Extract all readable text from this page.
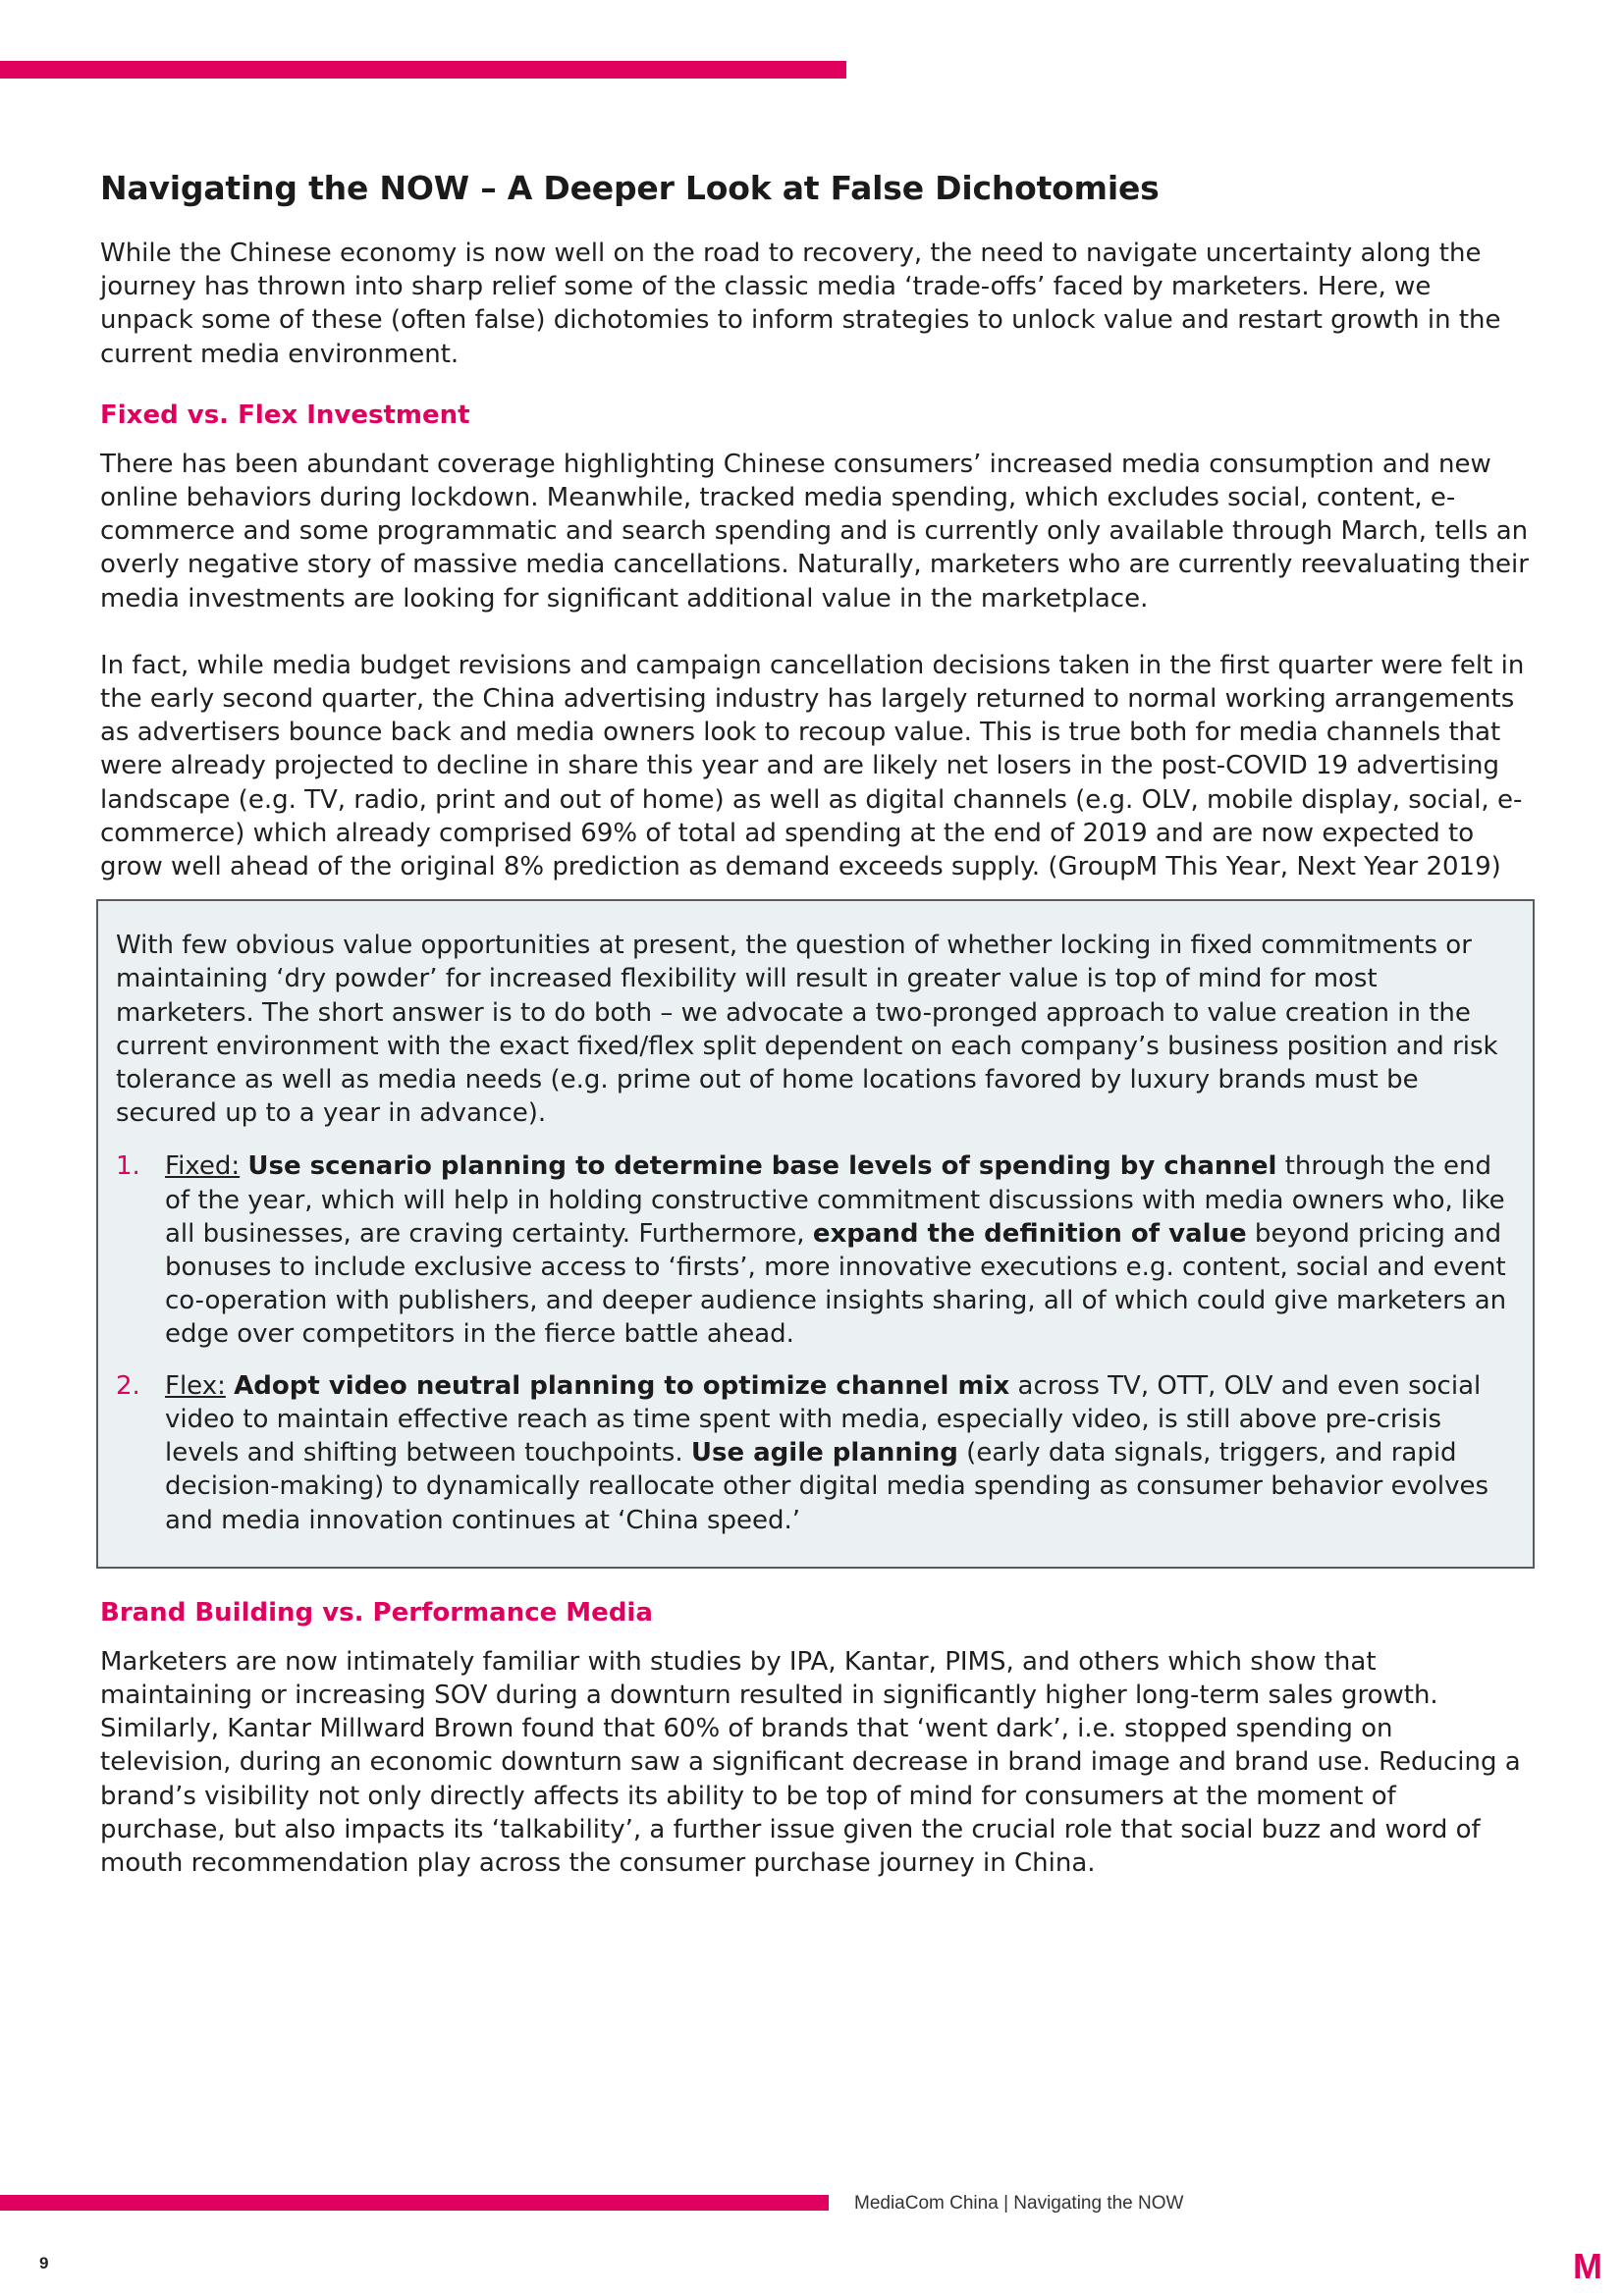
Navigating the NOW – A Deeper Look at False Dichotomies

While the Chinese economy is now well on the road to recovery, the need to navigate uncertainty along the journey has thrown into sharp relief some of the classic media ‘trade-offs’ faced by marketers. Here, we unpack some of these (often false) dichotomies to inform strategies to unlock value and restart growth in the current media environment.

Fixed vs. Flex Investment

There has been abundant coverage highlighting Chinese consumers’ increased media consumption and new online behaviors during lockdown. Meanwhile, tracked media spending, which excludes social, content, e-commerce and some programmatic and search spending and is currently only available through March, tells an overly negative story of massive media cancellations. Naturally, marketers who are currently reevaluating their media investments are looking for significant additional value in the marketplace.

In fact, while media budget revisions and campaign cancellation decisions taken in the first quarter were felt in the early second quarter, the China advertising industry has largely returned to normal working arrangements as advertisers bounce back and media owners look to recoup value. This is true both for media channels that were already projected to decline in share this year and are likely net losers in the post-COVID 19 advertising landscape (e.g. TV, radio, print and out of home) as well as digital channels (e.g. OLV, mobile display, social, e-commerce) which already comprised 69% of total ad spending at the end of 2019 and are now expected to grow well ahead of the original 8% prediction as demand exceeds supply. (GroupM This Year, Next Year 2019)

With few obvious value opportunities at present, the question of whether locking in fixed commitments or maintaining ‘dry powder’ for increased flexibility will result in greater value is top of mind for most marketers. The short answer is to do both – we advocate a two-pronged approach to value creation in the current environment with the exact fixed/flex split dependent on each company’s business position and risk tolerance as well as media needs (e.g. prime out of home locations favored by luxury brands must be secured up to a year in advance).

1. Fixed: Use scenario planning to determine base levels of spending by channel through the end of the year, which will help in holding constructive commitment discussions with media owners who, like all businesses, are craving certainty. Furthermore, expand the definition of value beyond pricing and bonuses to include exclusive access to ‘firsts’, more innovative executions e.g. content, social and event co-operation with publishers, and deeper audience insights sharing, all of which could give marketers an edge over competitors in the fierce battle ahead.
2. Flex: Adopt video neutral planning to optimize channel mix across TV, OTT, OLV and even social video to maintain effective reach as time spent with media, especially video, is still above pre-crisis levels and shifting between touchpoints. Use agile planning (early data signals, triggers, and rapid decision-making) to dynamically reallocate other digital media spending as consumer behavior evolves and media innovation continues at ‘China speed.’
Brand Building vs. Performance Media

Marketers are now intimately familiar with studies by IPA, Kantar, PIMS, and others which show that maintaining or increasing SOV during a downturn resulted in significantly higher long-term sales growth. Similarly, Kantar Millward Brown found that 60% of brands that ‘went dark’, i.e. stopped spending on television, during an economic downturn saw a significant decrease in brand image and brand use. Reducing a brand’s visibility not only directly affects its ability to be top of mind for consumers at the moment of purchase, but also impacts its ‘talkability’, a further issue given the crucial role that social buzz and word of mouth recommendation play across the consumer purchase journey in China.

MediaCom China | Navigating the NOW
9	M
